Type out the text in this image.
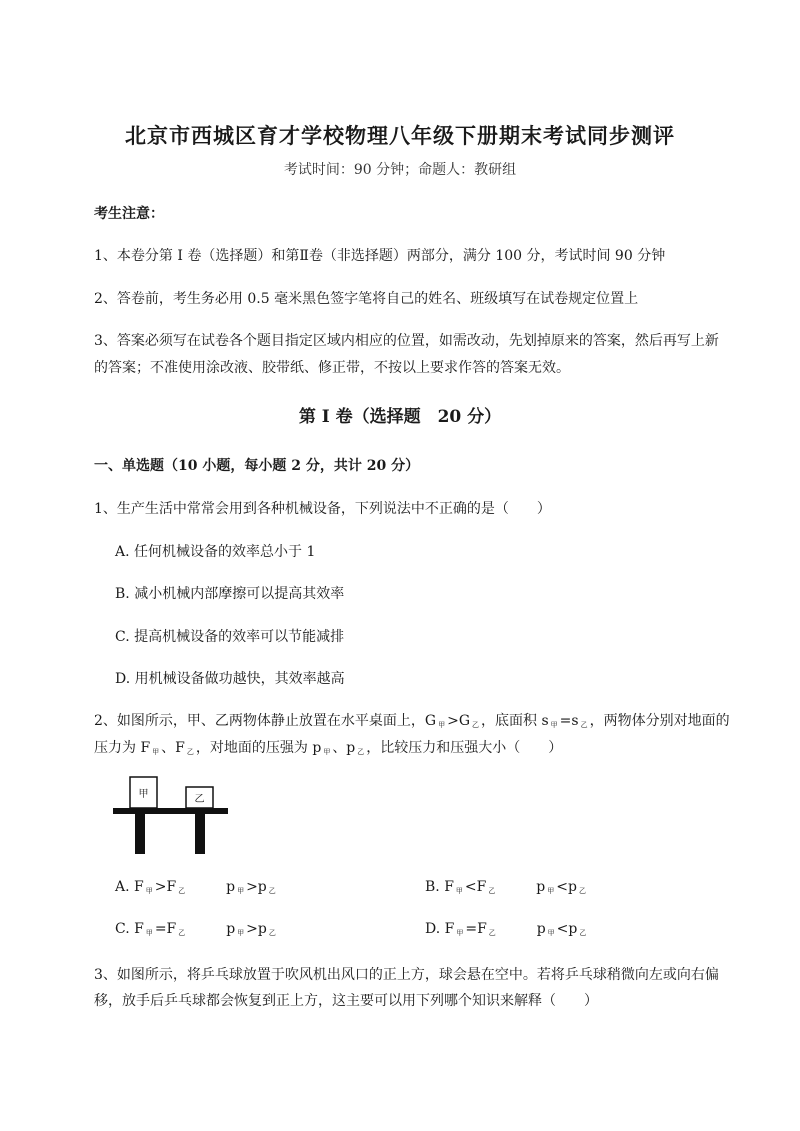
北京市西城区育才学校物理八年级下册期末考试同步测评
考试时间：90 分钟；命题人：教研组
考生注意：
1、本卷分第 I 卷（选择题）和第Ⅱ卷（非选择题）两部分，满分 100 分，考试时间 90 分钟
2、答卷前，考生务必用 0.5 毫米黑色签字笔将自己的姓名、班级填写在试卷规定位置上
3、答案必须写在试卷各个题目指定区域内相应的位置，如需改动，先划掉原来的答案，然后再写上新
的答案；不准使用涂改液、胶带纸、修正带，不按以上要求作答的答案无效。
第 I 卷（选择题　20 分）
一、单选题（10 小题，每小题 2 分，共计 20 分）
1、生产生活中常常会用到各种机械设备，下列说法中不正确的是（　　）
A. 任何机械设备的效率总小于 1
B. 减小机械内部摩擦可以提高其效率
C. 提高机械设备的效率可以节能减排
D. 用机械设备做功越快，其效率越高
2、如图所示，甲、乙两物体静止放置在水平桌面上，G $_甲$ >G $_乙$ ，底面积 s $_甲$ =s $_乙$ ，两物体分别对地面的
压力为 F $_甲$ 、F $_乙$ ，对地面的压强为 p $_甲$ 、p $_乙$ ，比较压力和压强大小（　　）
甲	乙
A. F $_甲$ >F $_乙$	p $_甲$ >p $_乙$	B. F $_甲$ <F $_乙$	p $_甲$ <p $_乙$
C. F $_甲$ =F $_乙$	p $_甲$ >p $_乙$	D. F $_甲$ =F $_乙$	p $_甲$ <p $_乙$
3、如图所示，将乒乓球放置于吹风机出风口的正上方，球会悬在空中。若将乒乓球稍微向左或向右偏
移，放手后乒乓球都会恢复到正上方，这主要可以用下列哪个知识来解释（　　）
